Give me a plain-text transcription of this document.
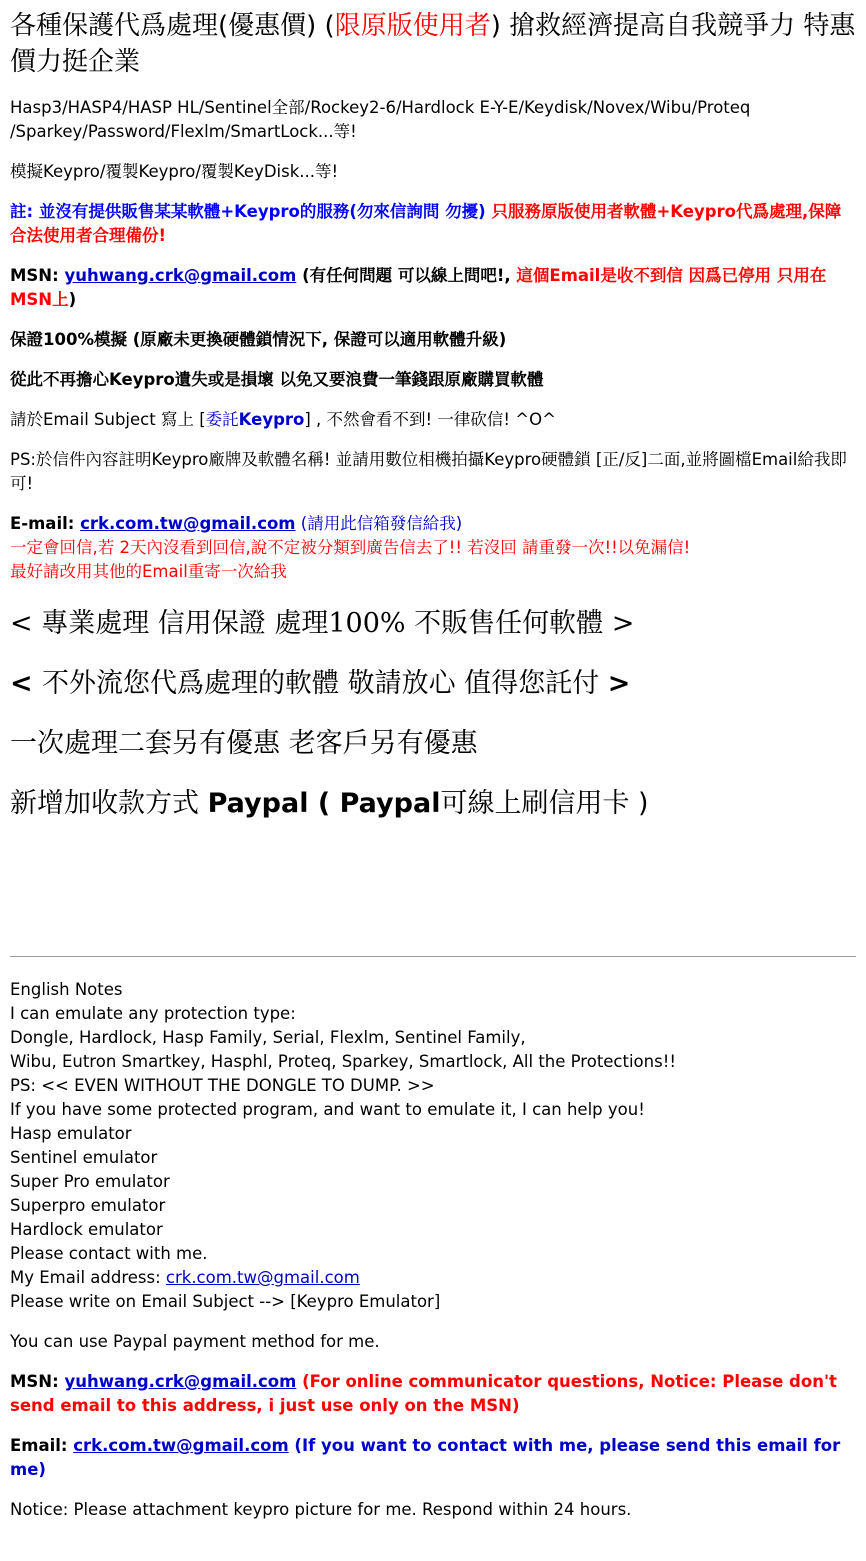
各種保護代爲處理(優惠價) (限原版使用者) 搶救經濟提高自我競爭力 特惠價力挺企業
Hasp3/HASP4/HASP HL/Sentinel全部/Rockey2-6/Hardlock E-Y-E/Keydisk/Novex/Wibu/Proteq /Sparkey/Password/Flexlm/SmartLock...等!
模擬Keypro/覆製Keypro/覆製KeyDisk...等!
註: 並沒有提供販售某某軟體+Keypro的服務(勿來信詢問 勿擾) 只服務原版使用者軟體+Keypro代爲處理,保障合法使用者合理備份!
MSN: yuhwang.crk@gmail.com (有任何問題 可以線上問吧!, 這個Email是收不到信 因爲已停用 只用在MSN上)
保證100%模擬 (原廠未更換硬體鎖情況下, 保證可以適用軟體升級)
從此不再擔心Keypro遺失或是損壞 以免又要浪費一筆錢跟原廠購買軟體
請於Email Subject 寫上 [委託Keypro] , 不然會看不到! 一律砍信! ^O^
PS:於信件內容註明Keypro廠牌及軟體名稱! 並請用數位相機拍攝Keypro硬體鎖 [正/反]二面,並將圖檔Email給我即可!
E-mail: crk.com.tw@gmail.com (請用此信箱發信給我)
一定會回信,若 2天內沒看到回信,說不定被分類到廣告信去了!! 若沒回 請重發一次!!以免漏信!
最好請改用其他的Email重寄一次給我
< 專業處理 信用保證 處理100% 不販售任何軟體 >
< 不外流您代爲處理的軟體 敬請放心 值得您託付 >
一次處理二套另有優惠 老客戶另有優惠
新增加收款方式 Paypal ( Paypal可線上刷信用卡 )
English Notes
I can emulate any protection type:
Dongle, Hardlock, Hasp Family, Serial, Flexlm, Sentinel Family,
Wibu, Eutron Smartkey, Hasphl, Proteq, Sparkey, Smartlock, All the Protections!!
PS: << EVEN WITHOUT THE DONGLE TO DUMP. >>
If you have some protected program, and want to emulate it, I can help you!
Hasp emulator
Sentinel emulator
Super Pro emulator
Superpro emulator
Hardlock emulator
Please contact with me.
My Email address: crk.com.tw@gmail.com
Please write on Email Subject --> [Keypro Emulator]
You can use Paypal payment method for me.
MSN: yuhwang.crk@gmail.com (For online communicator questions, Notice: Please don't send email to this address, i just use only on the MSN)
Email: crk.com.tw@gmail.com (If you want to contact with me, please send this email for me)
Notice: Please attachment keypro picture for me. Respond within 24 hours.
